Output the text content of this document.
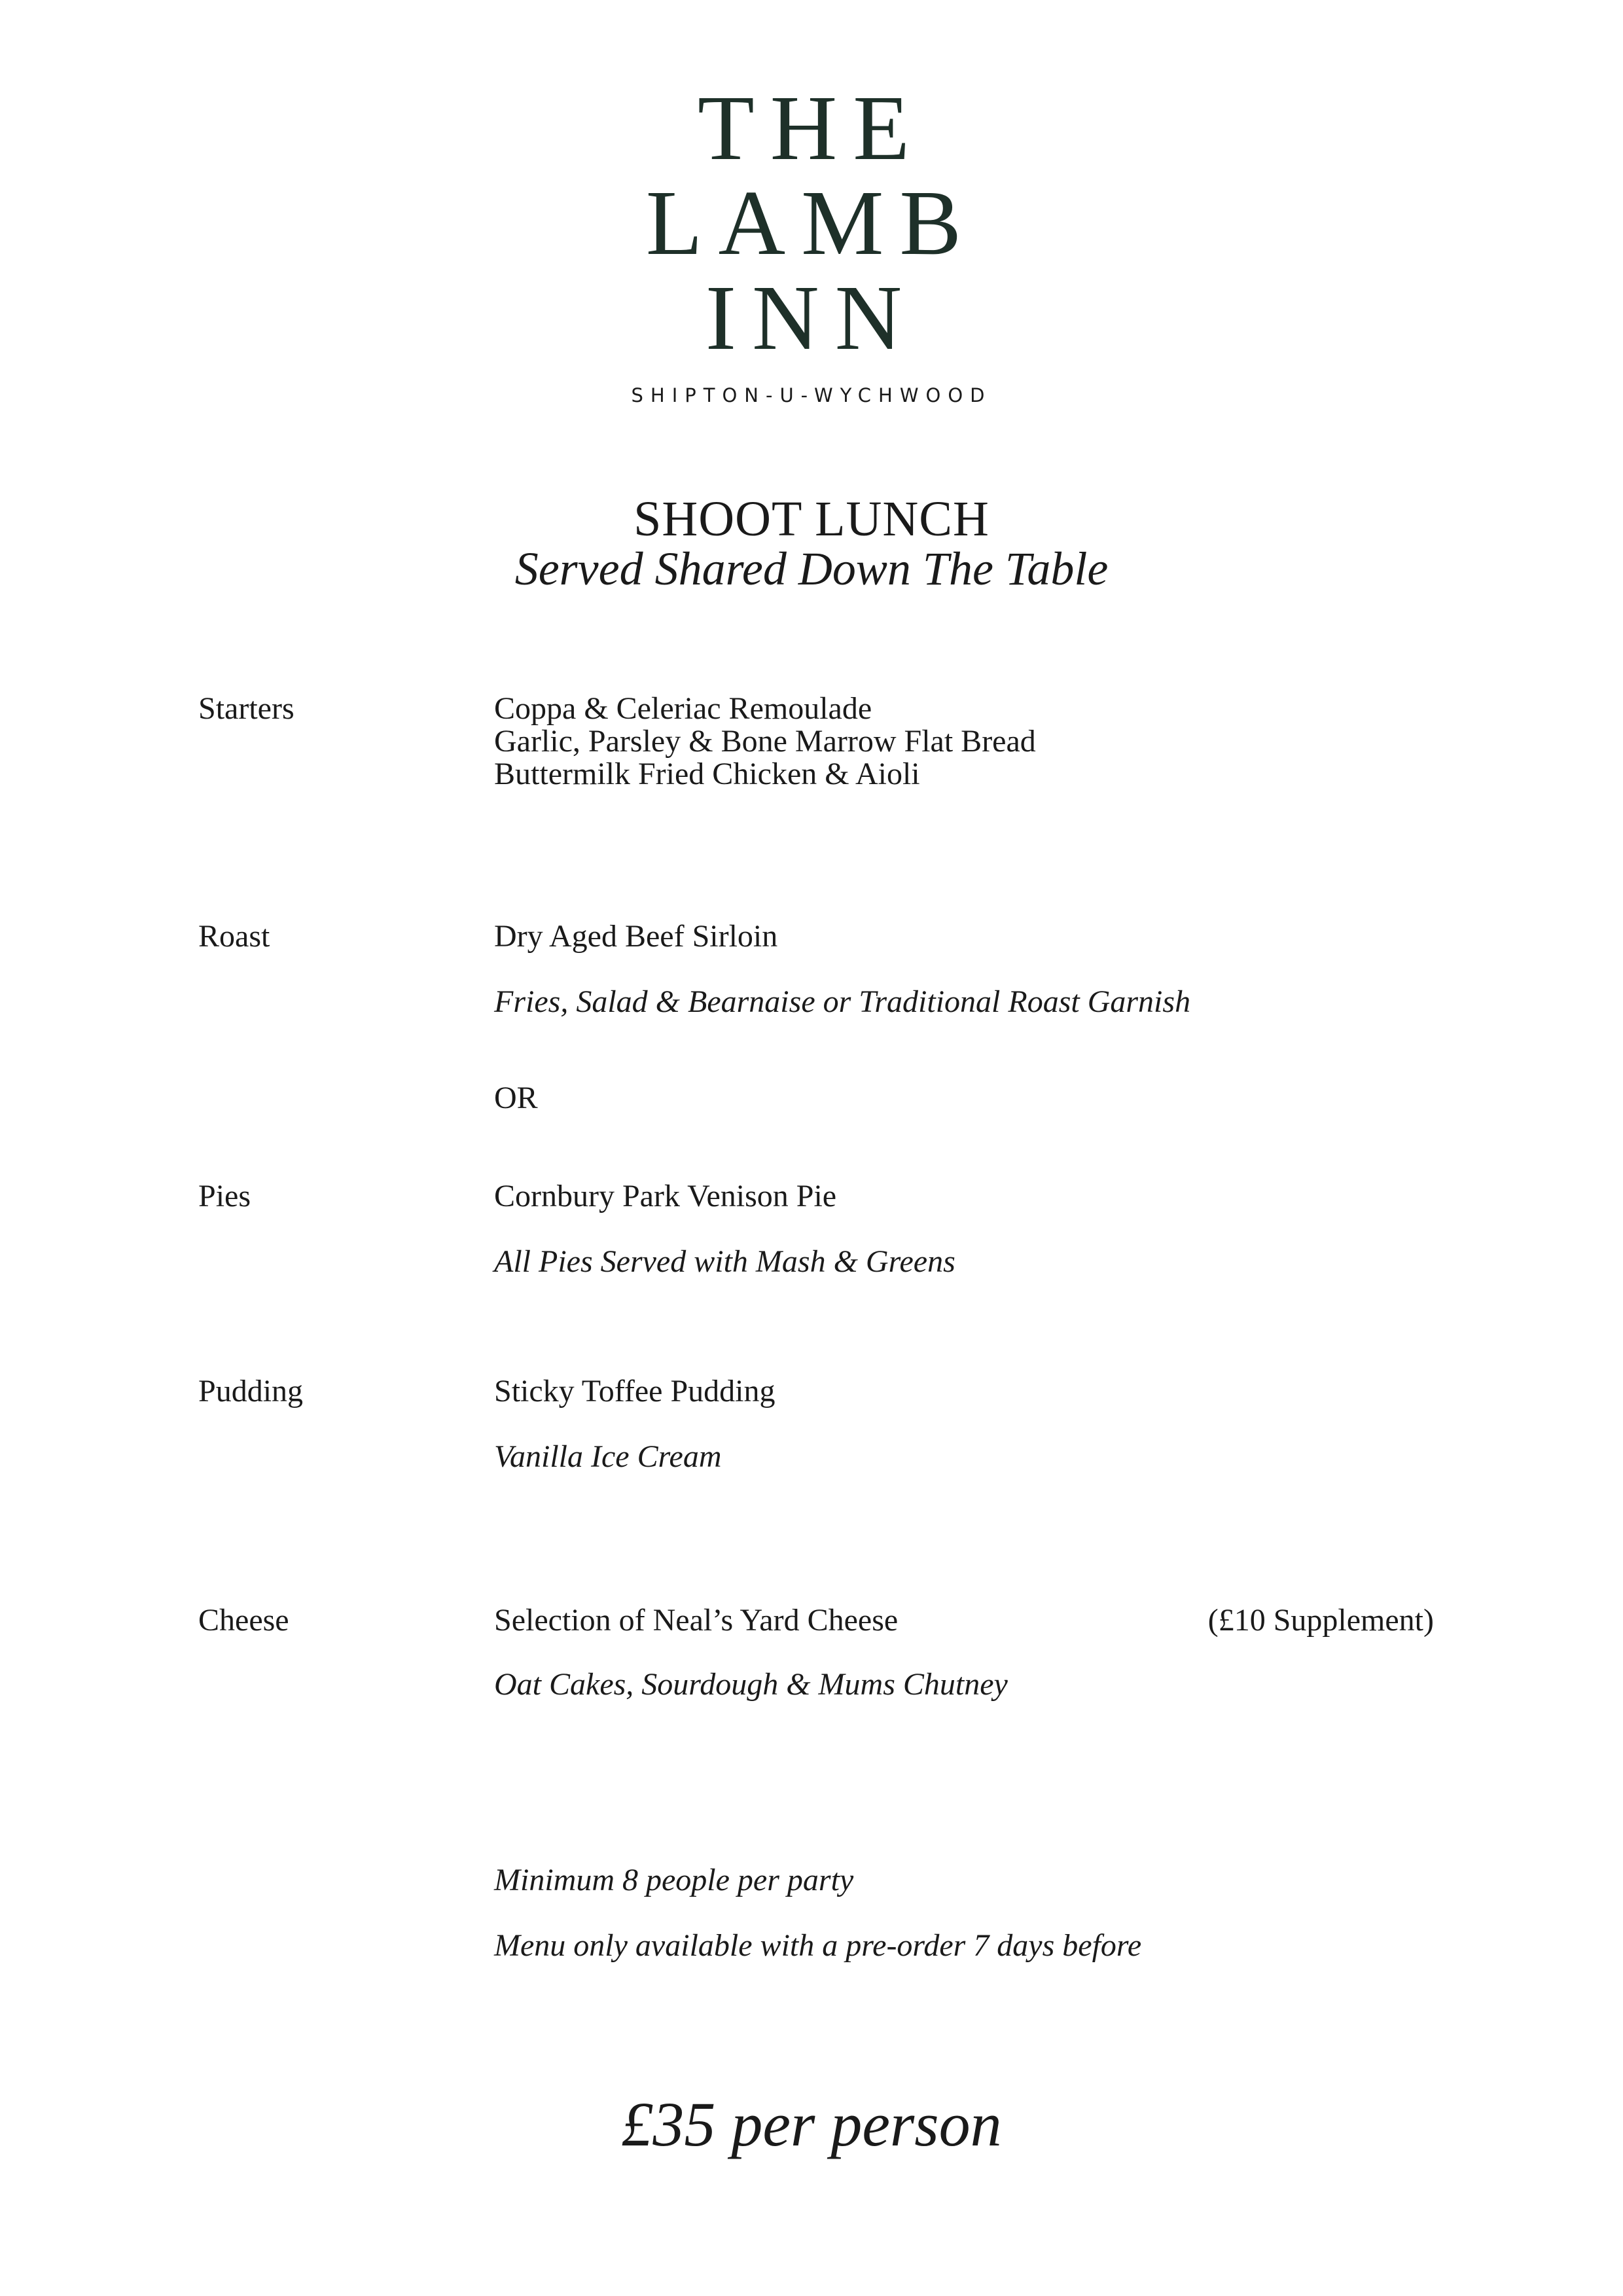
THE
LAMB
INN
SHIPTON-U-WYCHWOOD
SHOOT LUNCH
Served Shared Down The Table
Starters	Coppa & Celeriac Remoulade
Garlic, Parsley & Bone Marrow Flat Bread
Buttermilk Fried Chicken & Aioli
Roast	Dry Aged Beef Sirloin
Fries, Salad & Bearnaise or Traditional Roast Garnish
OR
Pies	Cornbury Park Venison Pie
All Pies Served with Mash & Greens
Pudding	Sticky Toffee Pudding
Vanilla Ice Cream
Cheese	Selection of Neal’s Yard Cheese	(£10 Supplement)
Oat Cakes, Sourdough & Mums Chutney
Minimum 8 people per party
Menu only available with a pre-order 7 days before
£35 per person
